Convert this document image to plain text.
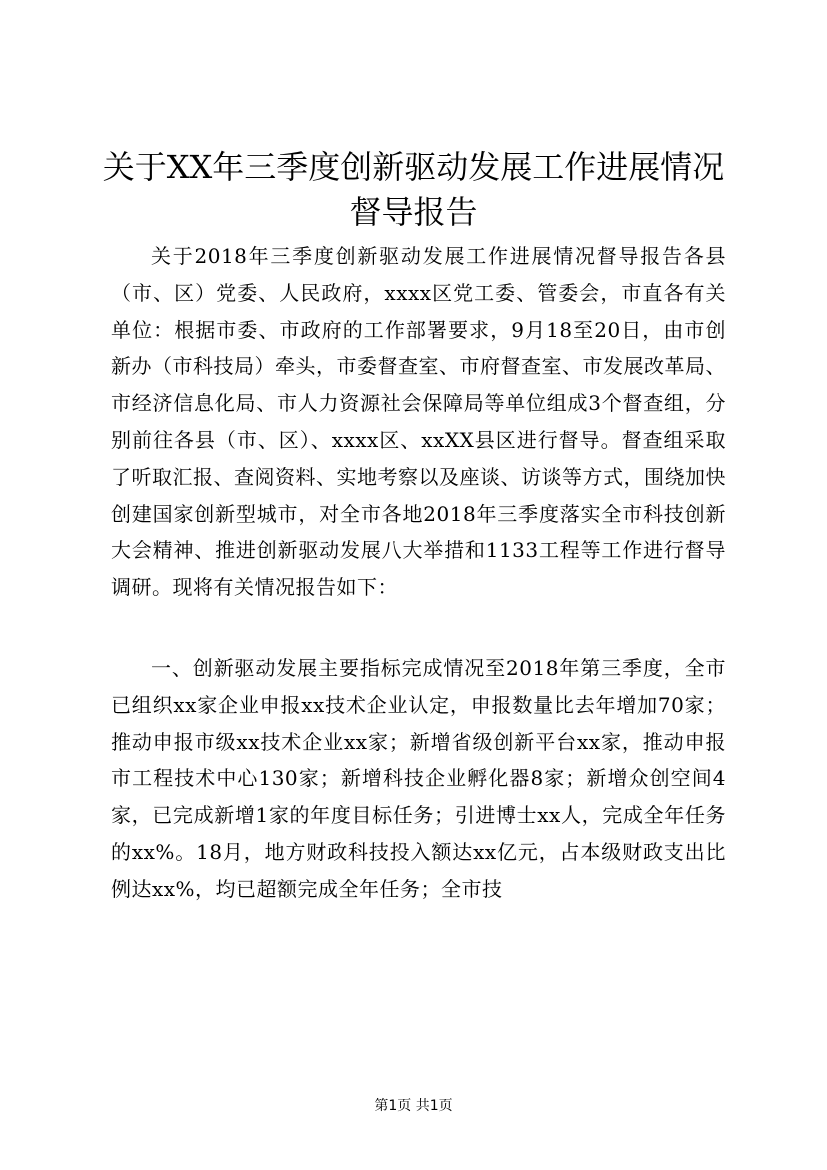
关于XX年三季度创新驱动发展工作进展情况
督导报告

关于2018年三季度创新驱动发展工作进展情况督导报告各县（市、区）党委、人民政府，xxxx区党工委、管委会，市直各有关单位：根据市委、市政府的工作部署要求，9月18至20日，由市创新办（市科技局）牵头，市委督查室、市府督查室、市发展改革局、市经济信息化局、市人力资源社会保障局等单位组成3个督查组，分别前往各县（市、区）、xxxx区、xxXX县区进行督导。督查组采取了听取汇报、查阅资料、实地考察以及座谈、访谈等方式，围绕加快创建国家创新型城市，对全市各地2018年三季度落实全市科技创新大会精神、推进创新驱动发展八大举措和1133工程等工作进行督导调研。现将有关情况报告如下：

一、创新驱动发展主要指标完成情况至2018年第三季度，全市已组织xx家企业申报xx技术企业认定，申报数量比去年增加70家；推动申报市级xx技术企业xx家；新增省级创新平台xx家，推动申报市工程技术中心130家；新增科技企业孵化器8家；新增众创空间4家，已完成新增1家的年度目标任务；引进博士xx人，完成全年任务的xx%。18月，地方财政科技投入额达xx亿元，占本级财政支出比例达xx%，均已超额完成全年任务；全市技

第1页 共1页
